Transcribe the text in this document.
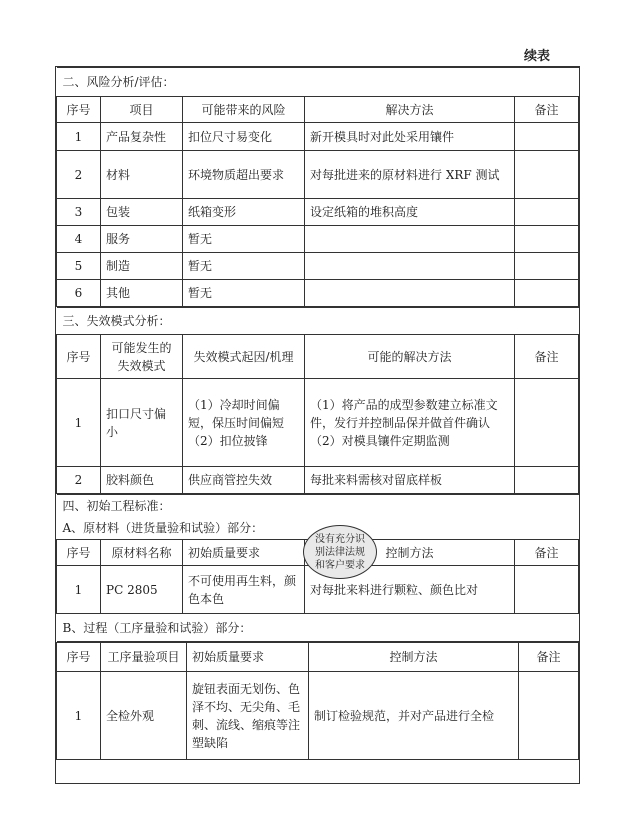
续表
二、风险分析/评估：				
序号	项目	可能带来的风险	解决方法	备注
1	产品复杂性	扣位尺寸易变化	新开模具时对此处采用镶件	
2	材料	环境物质超出要求	对每批进来的原材料进行 XRF 测试	
3	包装	纸箱变形	设定纸箱的堆积高度	
4	服务	暂无		
5	制造	暂无		
6	其他	暂无		
三、失效模式分析：				
序号	可能发生的失效模式	失效模式起因/机理	可能的解决方法	备注
1	扣口尺寸偏小	（1）冷却时间偏短，保压时间偏短（2）扣位披锋	（1）将产品的成型参数建立标准文件，发行并控制品保并做首件确认（2）对模具镶件定期监测	
2	胶料颜色	供应商管控失效	每批来料需核对留底样板	
四、初始工程标准：				
A、原材料（进货量验和试验）部分：				
序号	原材料名称	初始质量要求	控制方法	备注
1	PC 2805	不可使用再生料，颜色本色	对每批来料进行颗粒、颜色比对	
B、过程（工序量验和试验）部分：				
序号	工序量验项目	初始质量要求	控制方法	备注
1	全检外观	旋钮表面无划伤、色泽不均、无尖角、毛刺、流线、缩痕等注塑缺陷	制订检验规范，并对产品进行全检	
没有充分识
别法律法规
和客户要求
